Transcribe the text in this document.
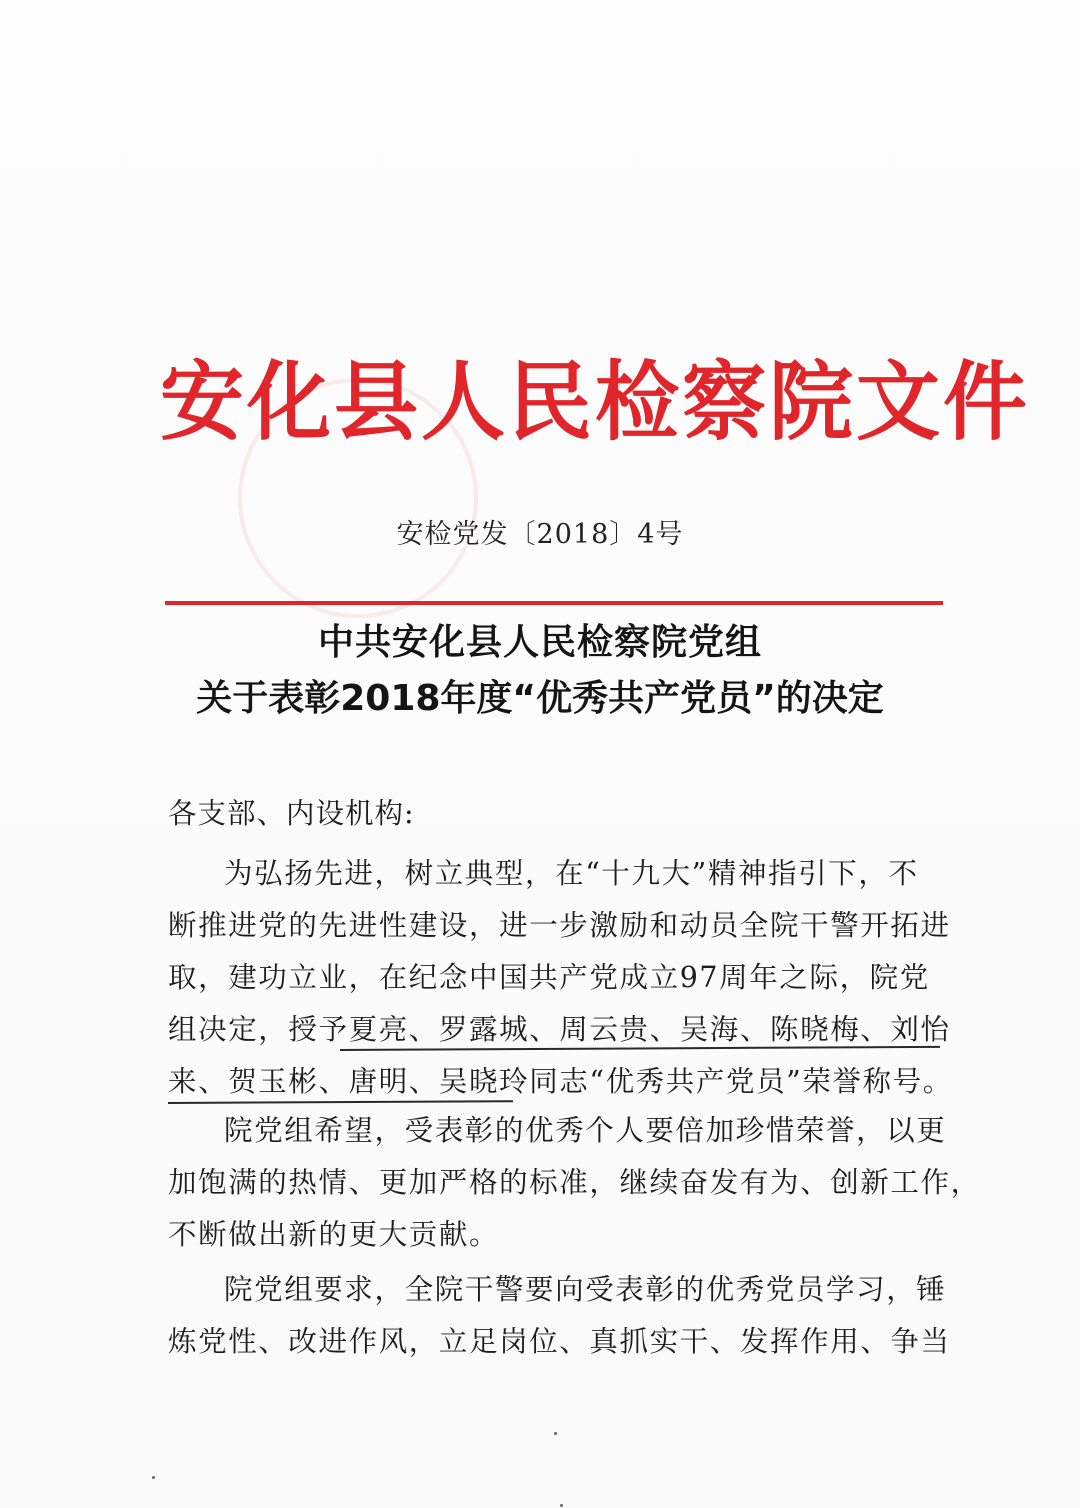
安化县人民检察院文件
安检党发〔2018〕4号
中共安化县人民检察院党组
关于表彰2018年度“优秀共产党员”的决定
各支部、内设机构:
为弘扬先进，树立典型，在“十九大”精神指引下，不
断推进党的先进性建设，进一步激励和动员全院干警开拓进
取，建功立业，在纪念中国共产党成立97周年之际，院党
组决定，授予夏亮、罗露城、周云贵、吴海、陈晓梅、刘怡
来、贺玉彬、唐明、吴晓玲同志“优秀共产党员”荣誉称号。
院党组希望，受表彰的优秀个人要倍加珍惜荣誉，以更
加饱满的热情、更加严格的标准，继续奋发有为、创新工作，
不断做出新的更大贡献。
院党组要求，全院干警要向受表彰的优秀党员学习，锤
炼党性、改进作风，立足岗位、真抓实干、发挥作用、争当
